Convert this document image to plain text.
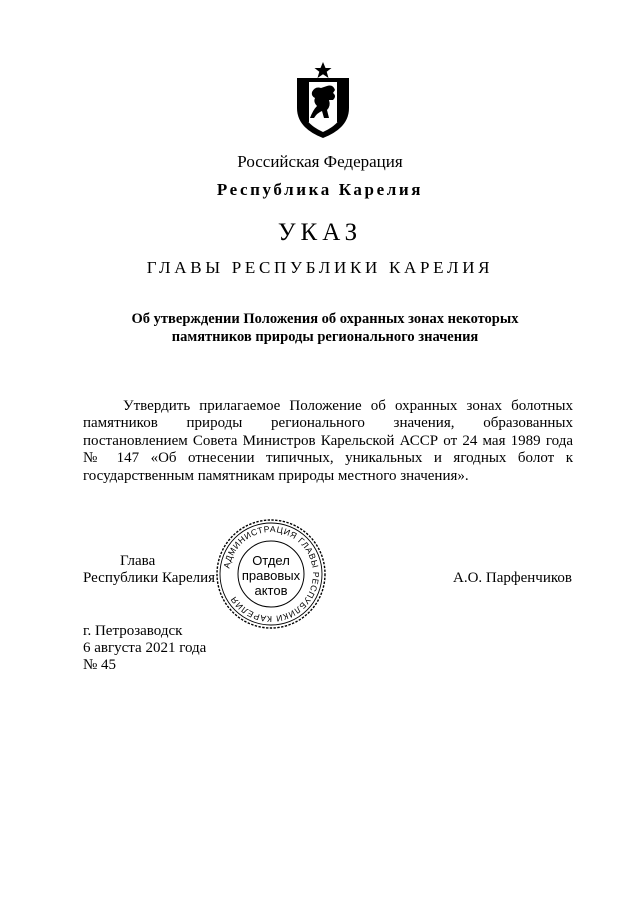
Российская Федерация
Республика Карелия
УКАЗ
ГЛАВЫ РЕСПУБЛИКИ КАРЕЛИЯ
Об утверждении Положения об охранных зонах некоторых
памятников природы регионального значения
Утвердить прилагаемое Положение об охранных зонах болотных памятников природы регионального значения, образованных постановлением Совета Министров Карельской АССР от 24 мая 1989 года № 147 «Об отнесении типичных, уникальных и ягодных болот к государственным памятникам природы местного значения».
Глава
Республики Карелия	А.О. Парфенчиков
АДМИНИСТРАЦИЯ ГЛАВЫ РЕСПУБЛИКИ КАРЕЛИЯ
Отдел
правовых
актов
г. Петрозаводск
6 августа 2021 года
№ 45
